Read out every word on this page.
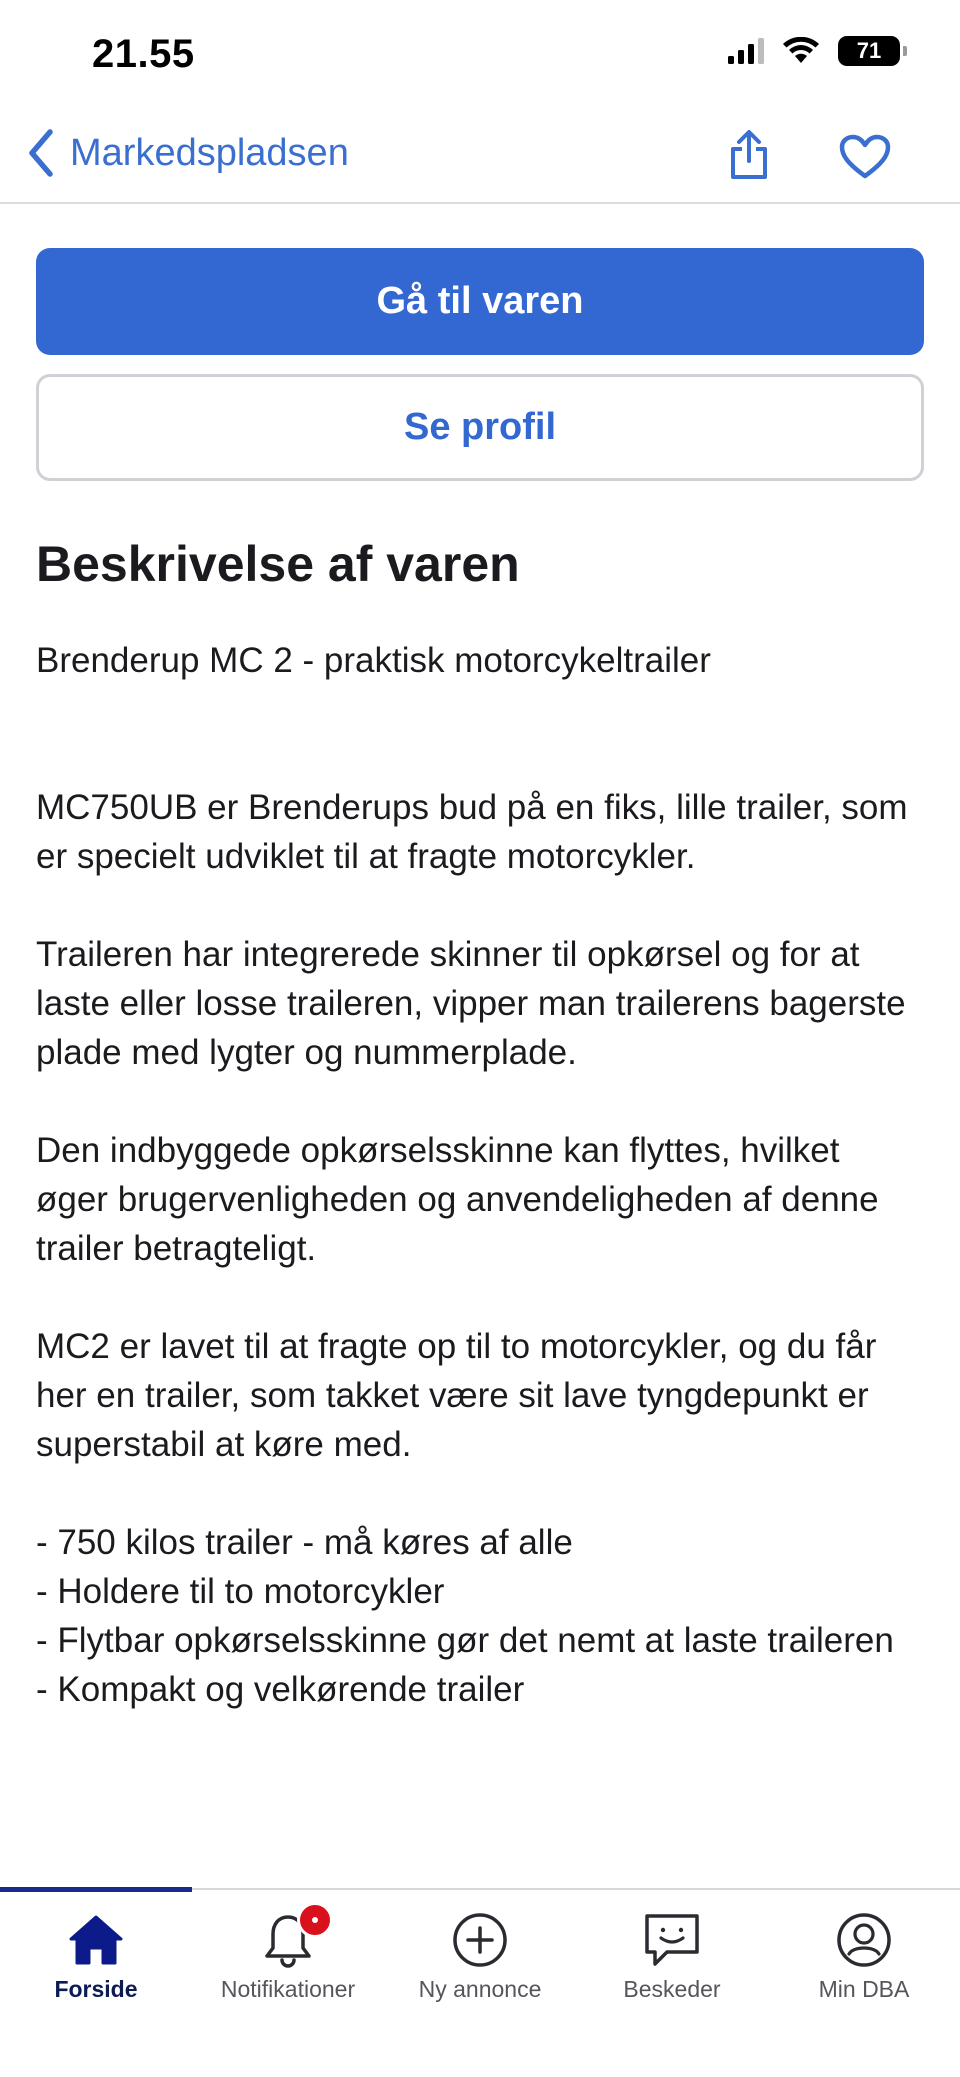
21.55	71
Markedspladsen
Gå til varen
Se profil
Beskrivelse af varen

Brenderup MC 2 - praktisk motorcykeltrailer

MC750UB er Brenderups bud på en fiks, lille trailer, som er specielt udviklet til at fragte motorcykler.

Traileren har integrerede skinner til opkørsel og for at laste eller losse traileren, vipper man trailerens bagerste plade med lygter og nummerplade.

Den indbyggede opkørselsskinne kan flyttes, hvilket øger brugervenligheden og anvendeligheden af denne trailer betragteligt.

MC2 er lavet til at fragte op til to motorcykler, og du får her en trailer, som takket være sit lave tyngdepunkt er superstabil at køre med.

- 750 kilos trailer - må køres af alle
- Holdere til to motorcykler
- Flytbar opkørselsskinne gør det nemt at laste traileren
- Kompakt og velkørende trailer
Forside	Notifikationer	Ny annonce	Beskeder	Min DBA
